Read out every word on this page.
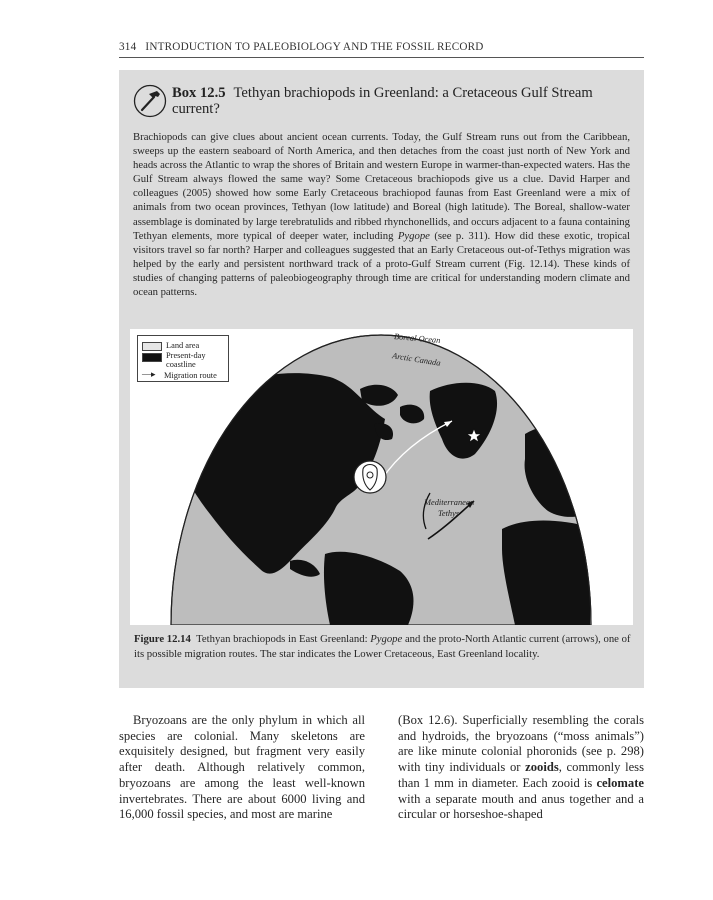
314 INTRODUCTION TO PALEOBIOLOGY AND THE FOSSIL RECORD
Box 12.5 Tethyan brachiopods in Greenland: a Cretaceous Gulf Stream current?
Brachiopods can give clues about ancient ocean currents. Today, the Gulf Stream runs out from the Caribbean, sweeps up the eastern seaboard of North America, and then detaches from the coast just north of New York and heads across the Atlantic to wrap the shores of Britain and western Europe in warmer-than-expected waters. Has the Gulf Stream always flowed the same way? Some Cretaceous brachiopods give us a clue. David Harper and colleagues (2005) showed how some Early Cretaceous brachiopod faunas from East Greenland were a mix of animals from two ocean provinces, Tethyan (low latitude) and Boreal (high latitude). The Boreal, shallow-water assemblage is dominated by large terebratulids and ribbed rhynchonellids, and occurs adjacent to a fauna containing Tethyan elements, more typical of deeper water, including Pygope (see p. 311). How did these exotic, tropical visitors travel so far north? Harper and colleagues suggested that an Early Cretaceous out-of-Tethys migration was helped by the early and persistent northward track of a proto-Gulf Stream current (Fig. 12.14). These kinds of studies of changing patterns of paleobiogeography through time are critical for understanding modern climate and ocean patterns.
Land area
Present-day coastline
—▸	Migration route
Boreal Ocean
Arctic Canada
Mediterranean
Tethys
Figure 12.14 Tethyan brachiopods in East Greenland: Pygope and the proto-North Atlantic current (arrows), one of its possible migration routes. The star indicates the Lower Cretaceous, East Greenland locality.
Bryozoans are the only phylum in which all species are colonial. Many skeletons are exquisitely designed, but fragment very easily after death. Although relatively common, bryozoans are among the least well-known invertebrates. There are about 6000 living and 16,000 fossil species, and most are marine
(Box 12.6). Superficially resembling the corals and hydroids, the bryozoans (“moss animals”) are like minute colonial phoronids (see p. 298) with tiny individuals or zooids, commonly less than 1 mm in diameter. Each zooid is celomate with a separate mouth and anus together and a circular or horseshoe-shaped
